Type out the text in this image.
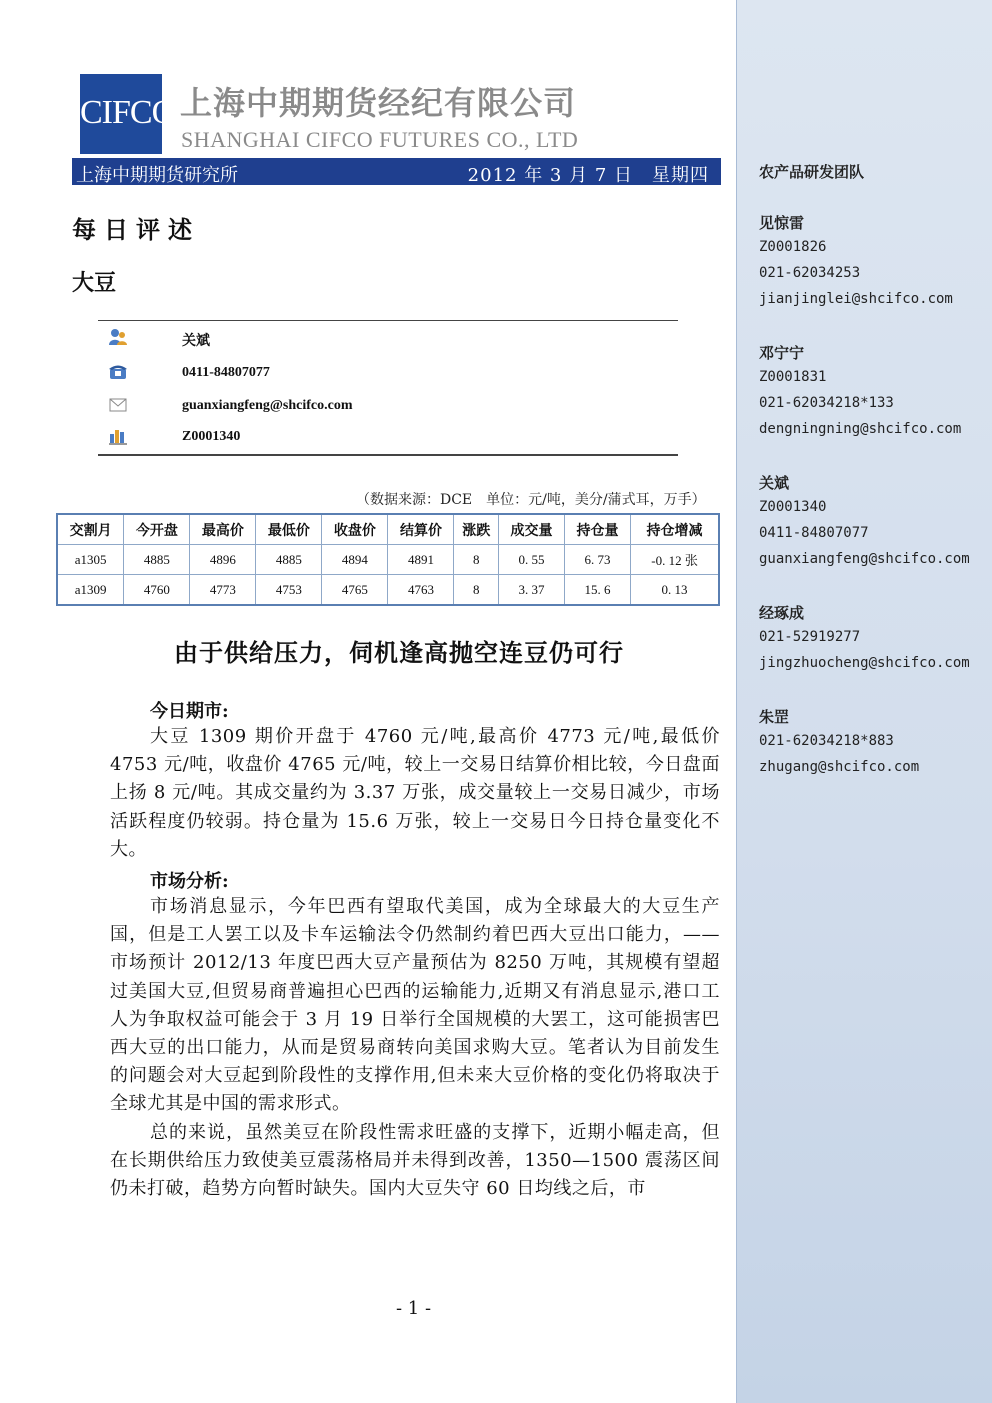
CIFCO 上海中期期货经纪有限公司
SHANGHAI CIFCO FUTURES CO., LTD
上海中期期货研究所	2012 年 3 月 7 日　星期四
每日评述
大豆
关斌
0411-84807077
guanxiangfeng@shcifco.com
Z0001340
（数据来源：DCE　单位：元/吨，美分/蒲式耳，万手）
交割月	今开盘	最高价	最低价	收盘价	结算价	涨跌	成交量	持仓量	持仓增减
a1305	4885	4896	4885	4894	4891	8	0. 55	6. 73	-0. 12 张
a1309	4760	4773	4753	4765	4763	8	3. 37	15. 6	0. 13
由于供给压力，伺机逢高抛空连豆仍可行
今日期市:
大豆 1309 期价开盘于 4760 元/吨,最高价 4773 元/吨,最低价 4753 元/吨，收盘价 4765 元/吨，较上一交易日结算价相比较，今日盘面上扬 8 元/吨。其成交量约为 3.37 万张，成交量较上一交易日减少，市场活跃程度仍较弱。持仓量为 15.6 万张，较上一交易日今日持仓量变化不大。
市场分析:
市场消息显示，今年巴西有望取代美国，成为全球最大的大豆生产国，但是工人罢工以及卡车运输法令仍然制约着巴西大豆出口能力，——市场预计 2012/13 年度巴西大豆产量预估为 8250 万吨，其规模有望超过美国大豆,但贸易商普遍担心巴西的运输能力,近期又有消息显示,港口工人为争取权益可能会于 3 月 19 日举行全国规模的大罢工，这可能损害巴西大豆的出口能力，从而是贸易商转向美国求购大豆。笔者认为目前发生的问题会对大豆起到阶段性的支撑作用,但未来大豆价格的变化仍将取决于全球尤其是中国的需求形式。
总的来说，虽然美豆在阶段性需求旺盛的支撑下，近期小幅走高，但在长期供给压力致使美豆震荡格局并未得到改善，1350—1500 震荡区间仍未打破，趋势方向暂时缺失。国内大豆失守 60 日均线之后，市
- 1 -
农产品研发团队
见惊雷
Z0001826
021-62034253
jianjinglei@shcifco.com
邓宁宁
Z0001831
021-62034218*133
dengningning@shcifco.com
关斌
Z0001340
0411-84807077
guanxiangfeng@shcifco.com
经琢成
021-52919277
jingzhuocheng@shcifco.com
朱罡
021-62034218*883
zhugang@shcifco.com
